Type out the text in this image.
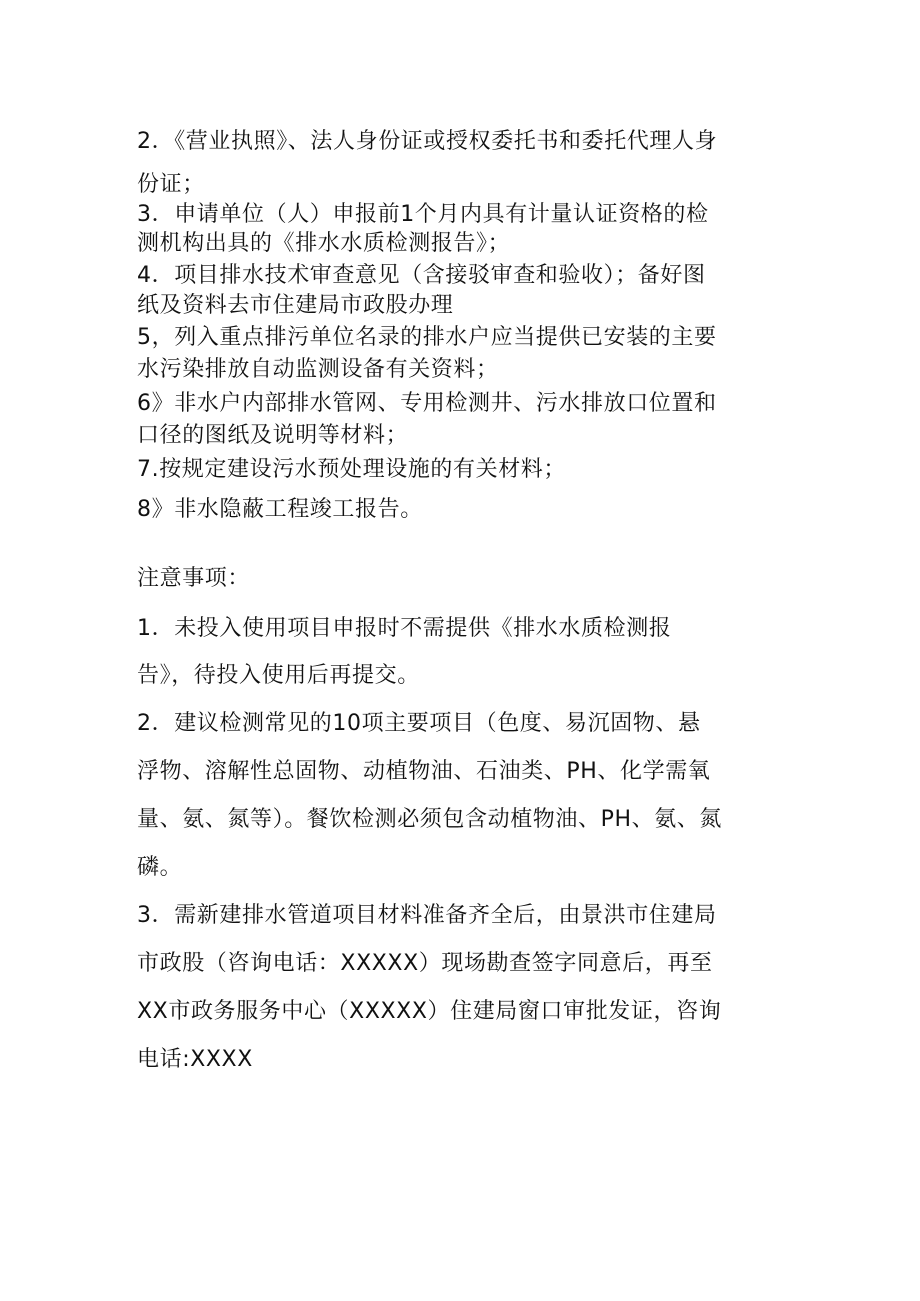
2．《营业执照》、法人身份证或授权委托书和委托代理人身
份证；
3．申请单位（人）申报前1个月内具有计量认证资格的检
测机构出具的《排水水质检测报告》；
4．项目排水技术审查意见（含接驳审查和验收）；备好图
纸及资料去市住建局市政股办理
5，列入重点排污单位名录的排水户应当提供已安装的主要
水污染排放自动监测设备有关资料；
6》非水户内部排水管网、专用检测井、污水排放口位置和
口径的图纸及说明等材料；
7.按规定建设污水预处理设施的有关材料；
8》非水隐蔽工程竣工报告。
注意事项：
1．未投入使用项目申报时不需提供《排水水质检测报
告》，待投入使用后再提交。
2．建议检测常见的10项主要项目（色度、易沉固物、悬
浮物、溶解性总固物、动植物油、石油类、PH、化学需氧
量、氨、氮等）。餐饮检测必须包含动植物油、PH、氨、氮
磷。
3．需新建排水管道项目材料准备齐全后，由景洪市住建局
市政股（咨询电话：XXXXX）现场勘查签字同意后，再至
XX市政务服务中心（XXXXX）住建局窗口审批发证，咨询
电话:XXXX
